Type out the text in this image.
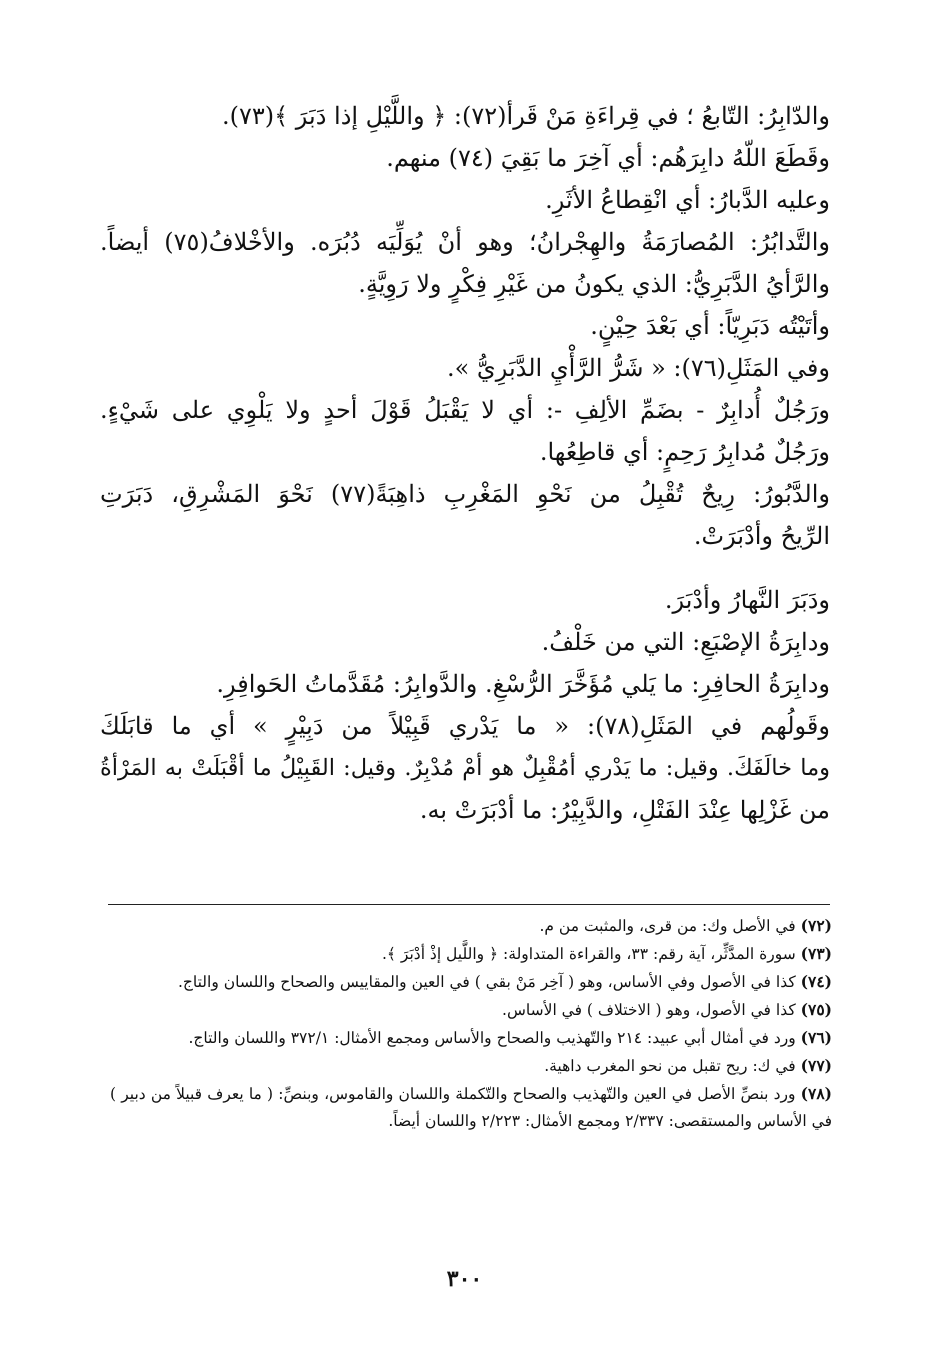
والدّابِرُ: التّابعُ ؛ في قِراءَةِ مَنْ قَرأ(٧٢): ﴿ واللَّيْلِ إذا دَبَرَ ﴾(٧٣).
وقَطَعَ اللّهُ دابِرَهُم: أي آخِرَ ما بَقِيَ (٧٤) منهم.
وعليه الدَّبارُ: أي انْقِطاعُ الأثَرِ.
والتَّدابُرُ: المُصارَمَةُ والهِجْرانُ؛ وهو أنْ يُوَلِّيَه دُبُرَه. والأخْلافُ(٧٥) أيضاً.
والرَّأيُ الدَّبَرِيُّ: الذي يكونُ من غَيْرِ فِكْرٍ ولا رَوِيَّةٍ.
وأتَيْتُه دَبَرِيّاً: أي بَعْدَ حِيْنٍ.
وفي المَثَلِ(٧٦): « شَرُّ الرَّأْيِ الدَّبَرِيُّ ».
ورَجُلٌ أُدابِرٌ - بضَمِّ الألِفِ -: أي لا يَقْبَلُ قَوْلَ أحدٍ ولا يَلْوِي على شَيْءٍ.
ورَجُلٌ مُدابِرُ رَحِمٍ: أي قاطِعُها.
والدَّبُورُ: رِيحٌ تُقْبِلُ من نَحْوِ المَغْرِبِ ذاهِبَةً(٧٧) نَحْوَ المَشْرِقِ، دَبَرَتِ
الرِّيحُ وأدْبَرَتْ.
ودَبَرَ النَّهارُ وأدْبَرَ.
ودابِرَةُ الإصْبَعِ: التي من خَلْفُ.
ودابِرَةُ الحافِرِ: ما يَلي مُؤَخَّرَ الرُّسْغِ. والدَّوابِرُ: مُقَدَّماتُ الحَوافِرِ.
وقَولُهم في المَثَلِ(٧٨): « ما يَدْري قَبِيْلاً من دَبِيْرٍ » أي ما قابَلَكَ
وما خالَفَكَ. وقيل: ما يَدْري أمُقْبِلٌ هو أمْ مُدْبِرٌ. وقيل: القَبِيْلُ ما أقْبَلَتْ به المَرْأةُ
من غَزْلِها عِنْدَ الفَتْلِ، والدَّبِيْرُ: ما أدْبَرَتْ به.
(٧٢) في الأصل وك: من قرى، والمثبت من م.
(٧٣) سورة المدَّثِّر، آية رقم: ٣٣، والقراءة المتداولة: ﴿ واللَّيل إذْ أدْبَرَ ﴾.
(٧٤) كذا في الأصول وفي الأساس، وهو ( آخِر مَنْ بقي ) في العين والمقاييس والصحاح واللسان والتاج.
(٧٥) كذا في الأصول، وهو ( الاختلاف ) في الأساس.
(٧٦) ورد في أمثال أبي عبيد: ٢١٤ والتّهذيب والصحاح والأساس ومجمع الأمثال: ٣٧٢/١ واللسان والتاج.
(٧٧) في ك: ريح تقبل من نحو المغرب داهية.
(٧٨) ورد بنصِّ الأصل في العين والتّهذيب والصحاح والتّكملة واللسان والقاموس، وبنصِّ: ( ما يعرف قبيلاً من دبير ) في الأساس والمستقصى: ٢/٣٣٧ ومجمع الأمثال: ٢/٢٢٣ واللسان أيضاً.
٣٠٠
